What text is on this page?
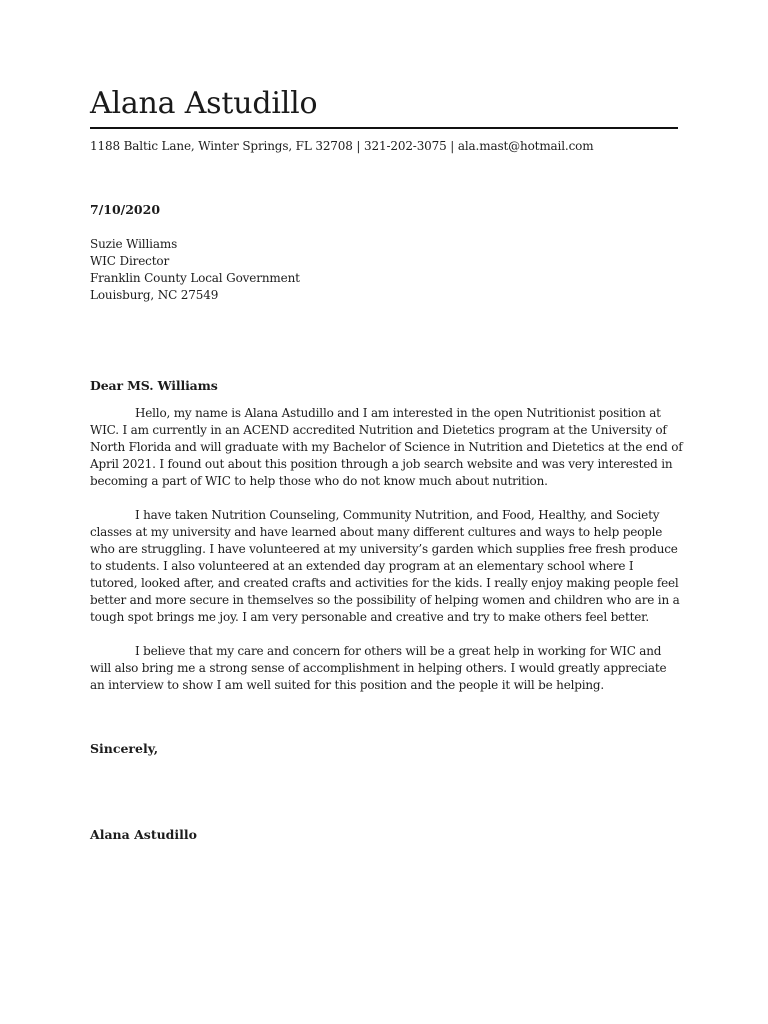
Alana Astudillo
1188 Baltic Lane, Winter Springs, FL 32708 | 321-202-3075 | ala.mast@hotmail.com
7/10/2020
Suzie Williams
WIC Director
Franklin County Local Government
Louisburg, NC 27549
Dear MS. Williams
Hello, my name is Alana Astudillo and I am interested in the open Nutritionist position at
WIC. I am currently in an ACEND accredited Nutrition and Dietetics program at the University of
North Florida and will graduate with my Bachelor of Science in Nutrition and Dietetics at the end of
April 2021. I found out about this position through a job search website and was very interested in
becoming a part of WIC to help those who do not know much about nutrition.
I have taken Nutrition Counseling, Community Nutrition, and Food, Healthy, and Society
classes at my university and have learned about many different cultures and ways to help people
who are struggling. I have volunteered at my university’s garden which supplies free fresh produce
to students. I also volunteered at an extended day program at an elementary school where I
tutored, looked after, and created crafts and activities for the kids. I really enjoy making people feel
better and more secure in themselves so the possibility of helping women and children who are in a
tough spot brings me joy. I am very personable and creative and try to make others feel better.
I believe that my care and concern for others will be a great help in working for WIC and
will also bring me a strong sense of accomplishment in helping others. I would greatly appreciate
an interview to show I am well suited for this position and the people it will be helping.
Sincerely,
Alana Astudillo
